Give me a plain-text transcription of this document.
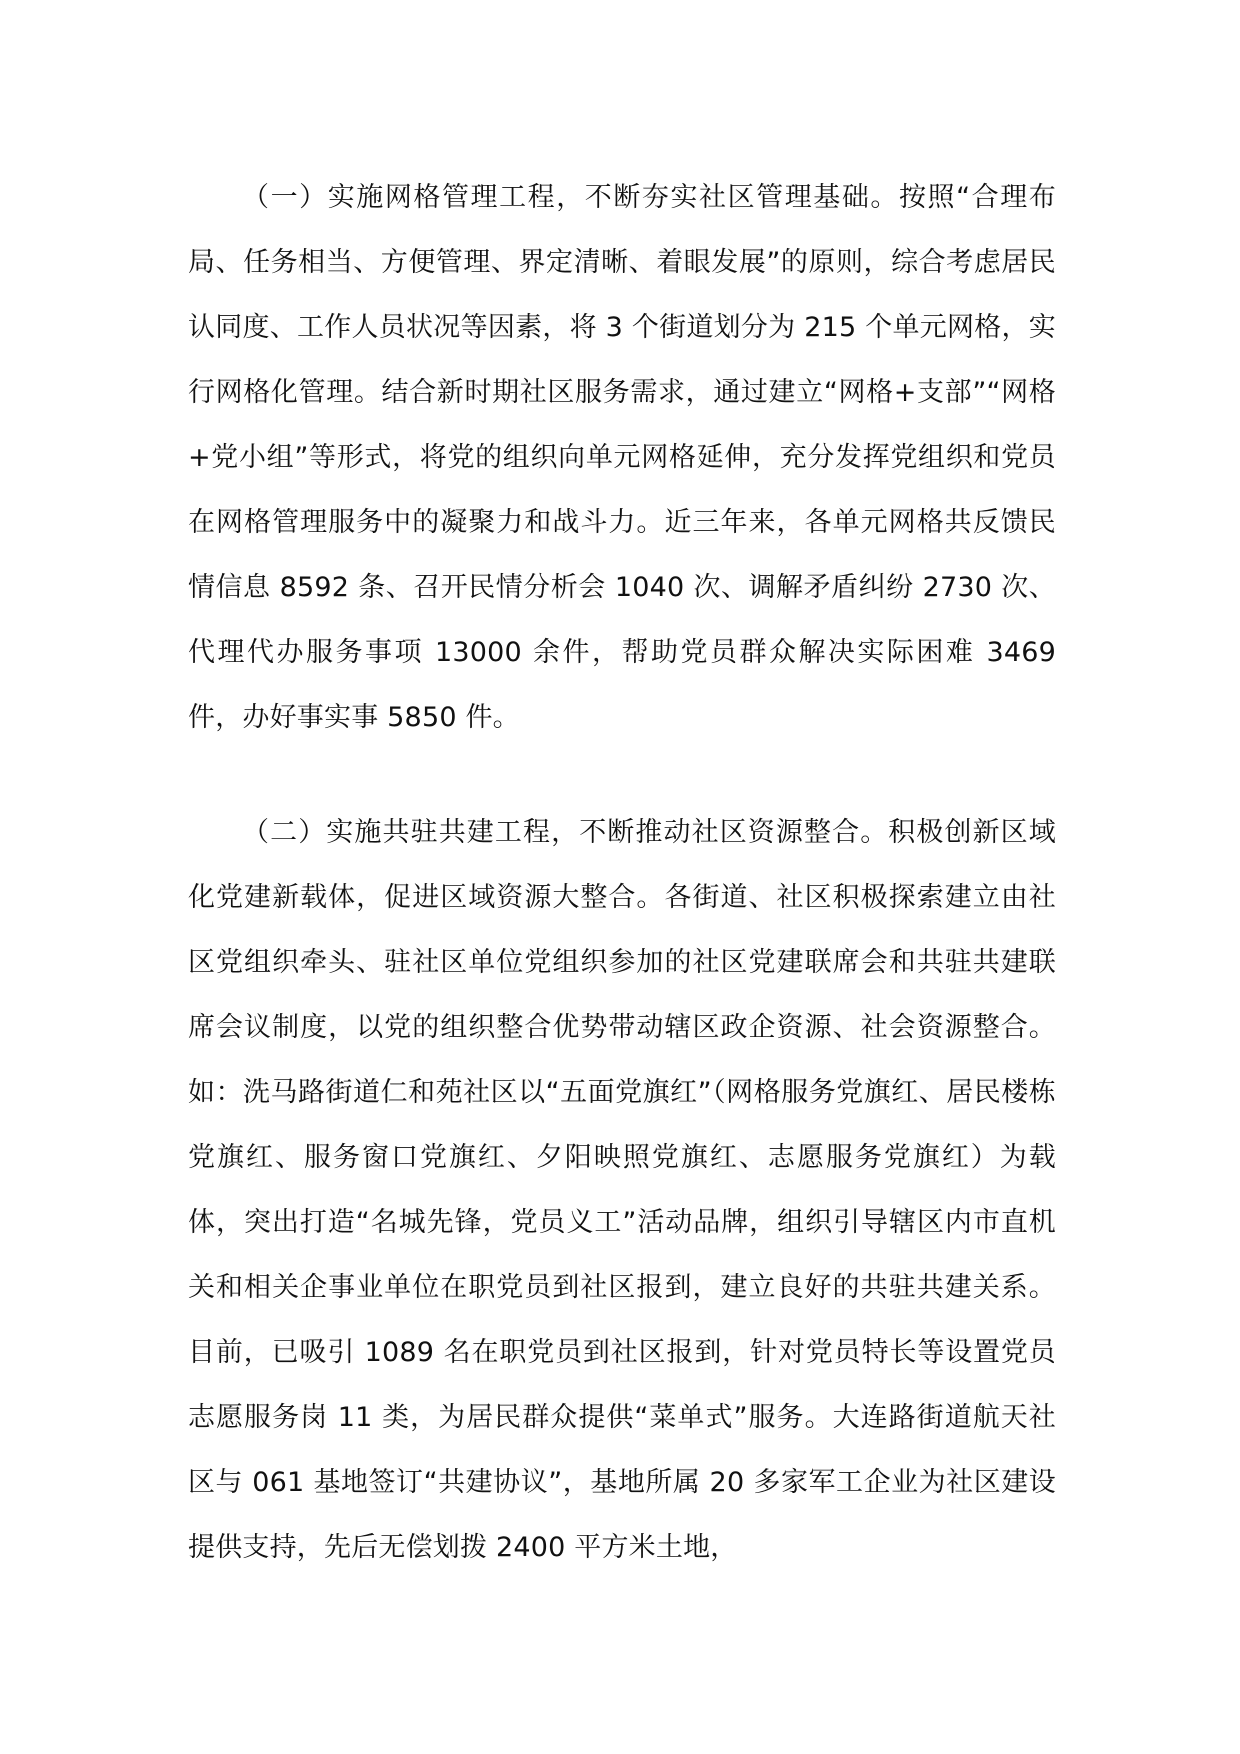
（一）实施网格管理工程，不断夯实社区管理基础。按照“合理布局、任务相当、方便管理、界定清晰、着眼发展”的原则，综合考虑居民认同度、工作人员状况等因素，将 3 个街道划分为 215 个单元网格，实行网格化管理。结合新时期社区服务需求，通过建立“网格+支部”“网格+党小组”等形式，将党的组织向单元网格延伸，充分发挥党组织和党员在网格管理服务中的凝聚力和战斗力。近三年来，各单元网格共反馈民情信息 8592 条、召开民情分析会 1040 次、调解矛盾纠纷 2730 次、代理代办服务事项 13000 余件，帮助党员群众解决实际困难 3469 件，办好事实事 5850 件。

（二）实施共驻共建工程，不断推动社区资源整合。积极创新区域化党建新载体，促进区域资源大整合。各街道、社区积极探索建立由社区党组织牵头、驻社区单位党组织参加的社区党建联席会和共驻共建联席会议制度，以党的组织整合优势带动辖区政企资源、社会资源整合。如：洗马路街道仁和苑社区以“五面党旗红”（网格服务党旗红、居民楼栋党旗红、服务窗口党旗红、夕阳映照党旗红、志愿服务党旗红）为载体，突出打造“名城先锋，党员义工”活动品牌，组织引导辖区内市直机关和相关企事业单位在职党员到社区报到，建立良好的共驻共建关系。目前，已吸引 1089 名在职党员到社区报到，针对党员特长等设置党员志愿服务岗 11 类，为居民群众提供“菜单式”服务。大连路街道航天社区与 061 基地签订“共建协议”，基地所属 20 多家军工企业为社区建设提供支持，先后无偿划拨 2400 平方米土地，
